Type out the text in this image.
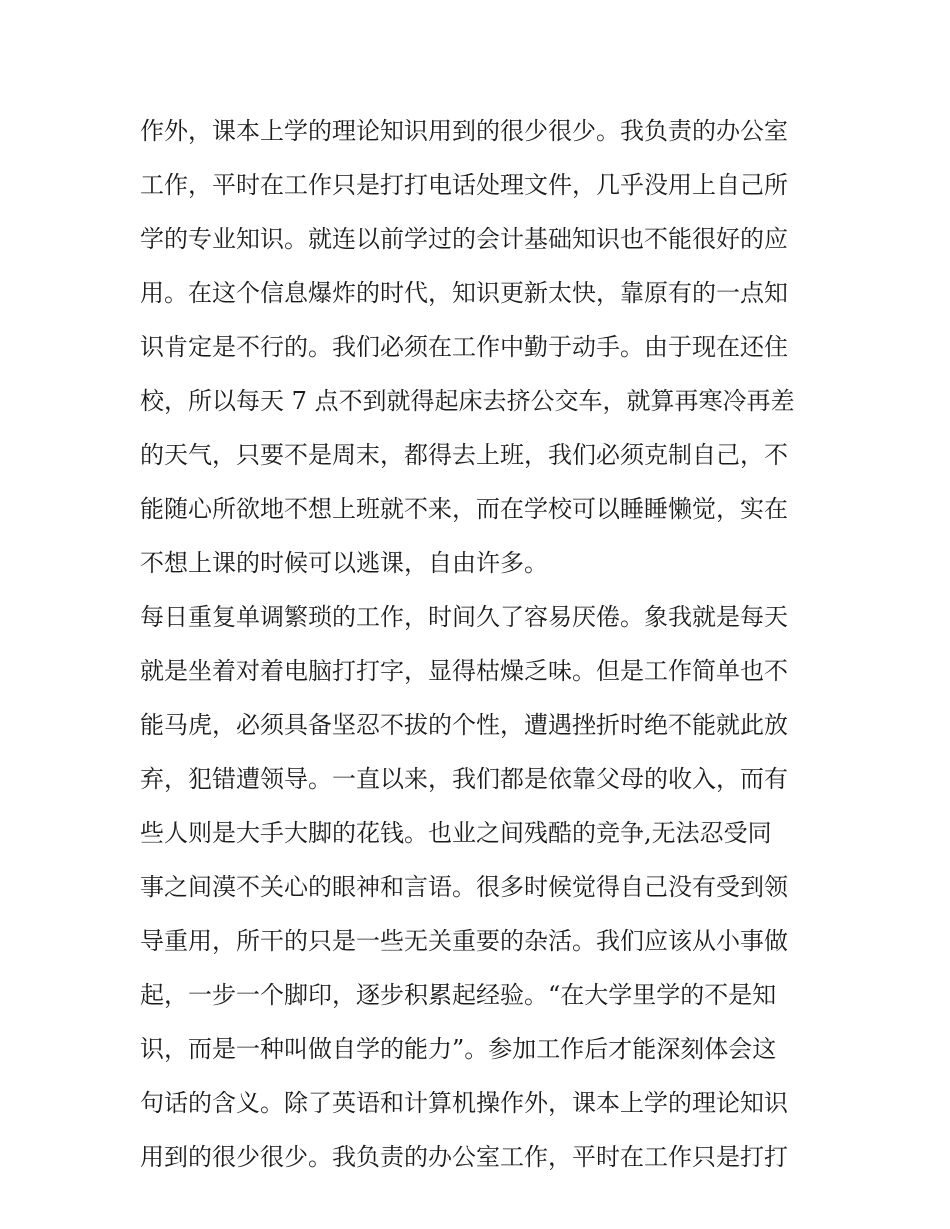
作外，课本上学的理论知识用到的很少很少。我负责的办公室
工作，平时在工作只是打打电话处理文件，几乎没用上自己所
学的专业知识。就连以前学过的会计基础知识也不能很好的应
用。在这个信息爆炸的时代，知识更新太快，靠原有的一点知
识肯定是不行的。我们必须在工作中勤于动手。由于现在还住
校，所以每天 7 点不到就得起床去挤公交车，就算再寒冷再差
的天气，只要不是周末，都得去上班，我们必须克制自己，不
能随心所欲地不想上班就不来，而在学校可以睡睡懒觉，实在
不想上课的时候可以逃课，自由许多。
每日重复单调繁琐的工作，时间久了容易厌倦。象我就是每天
就是坐着对着电脑打打字，显得枯燥乏味。但是工作简单也不
能马虎，必须具备坚忍不拔的个性，遭遇挫折时绝不能就此放
弃，犯错遭领导。一直以来，我们都是依靠父母的收入，而有
些人则是大手大脚的花钱。也业之间残酷的竞争,无法忍受同
事之间漠不关心的眼神和言语。很多时候觉得自己没有受到领
导重用，所干的只是一些无关重要的杂活。我们应该从小事做
起，一步一个脚印，逐步积累起经验。“在大学里学的不是知
识，而是一种叫做自学的能力”。参加工作后才能深刻体会这
句话的含义。除了英语和计算机操作外，课本上学的理论知识
用到的很少很少。我负责的办公室工作，平时在工作只是打打
